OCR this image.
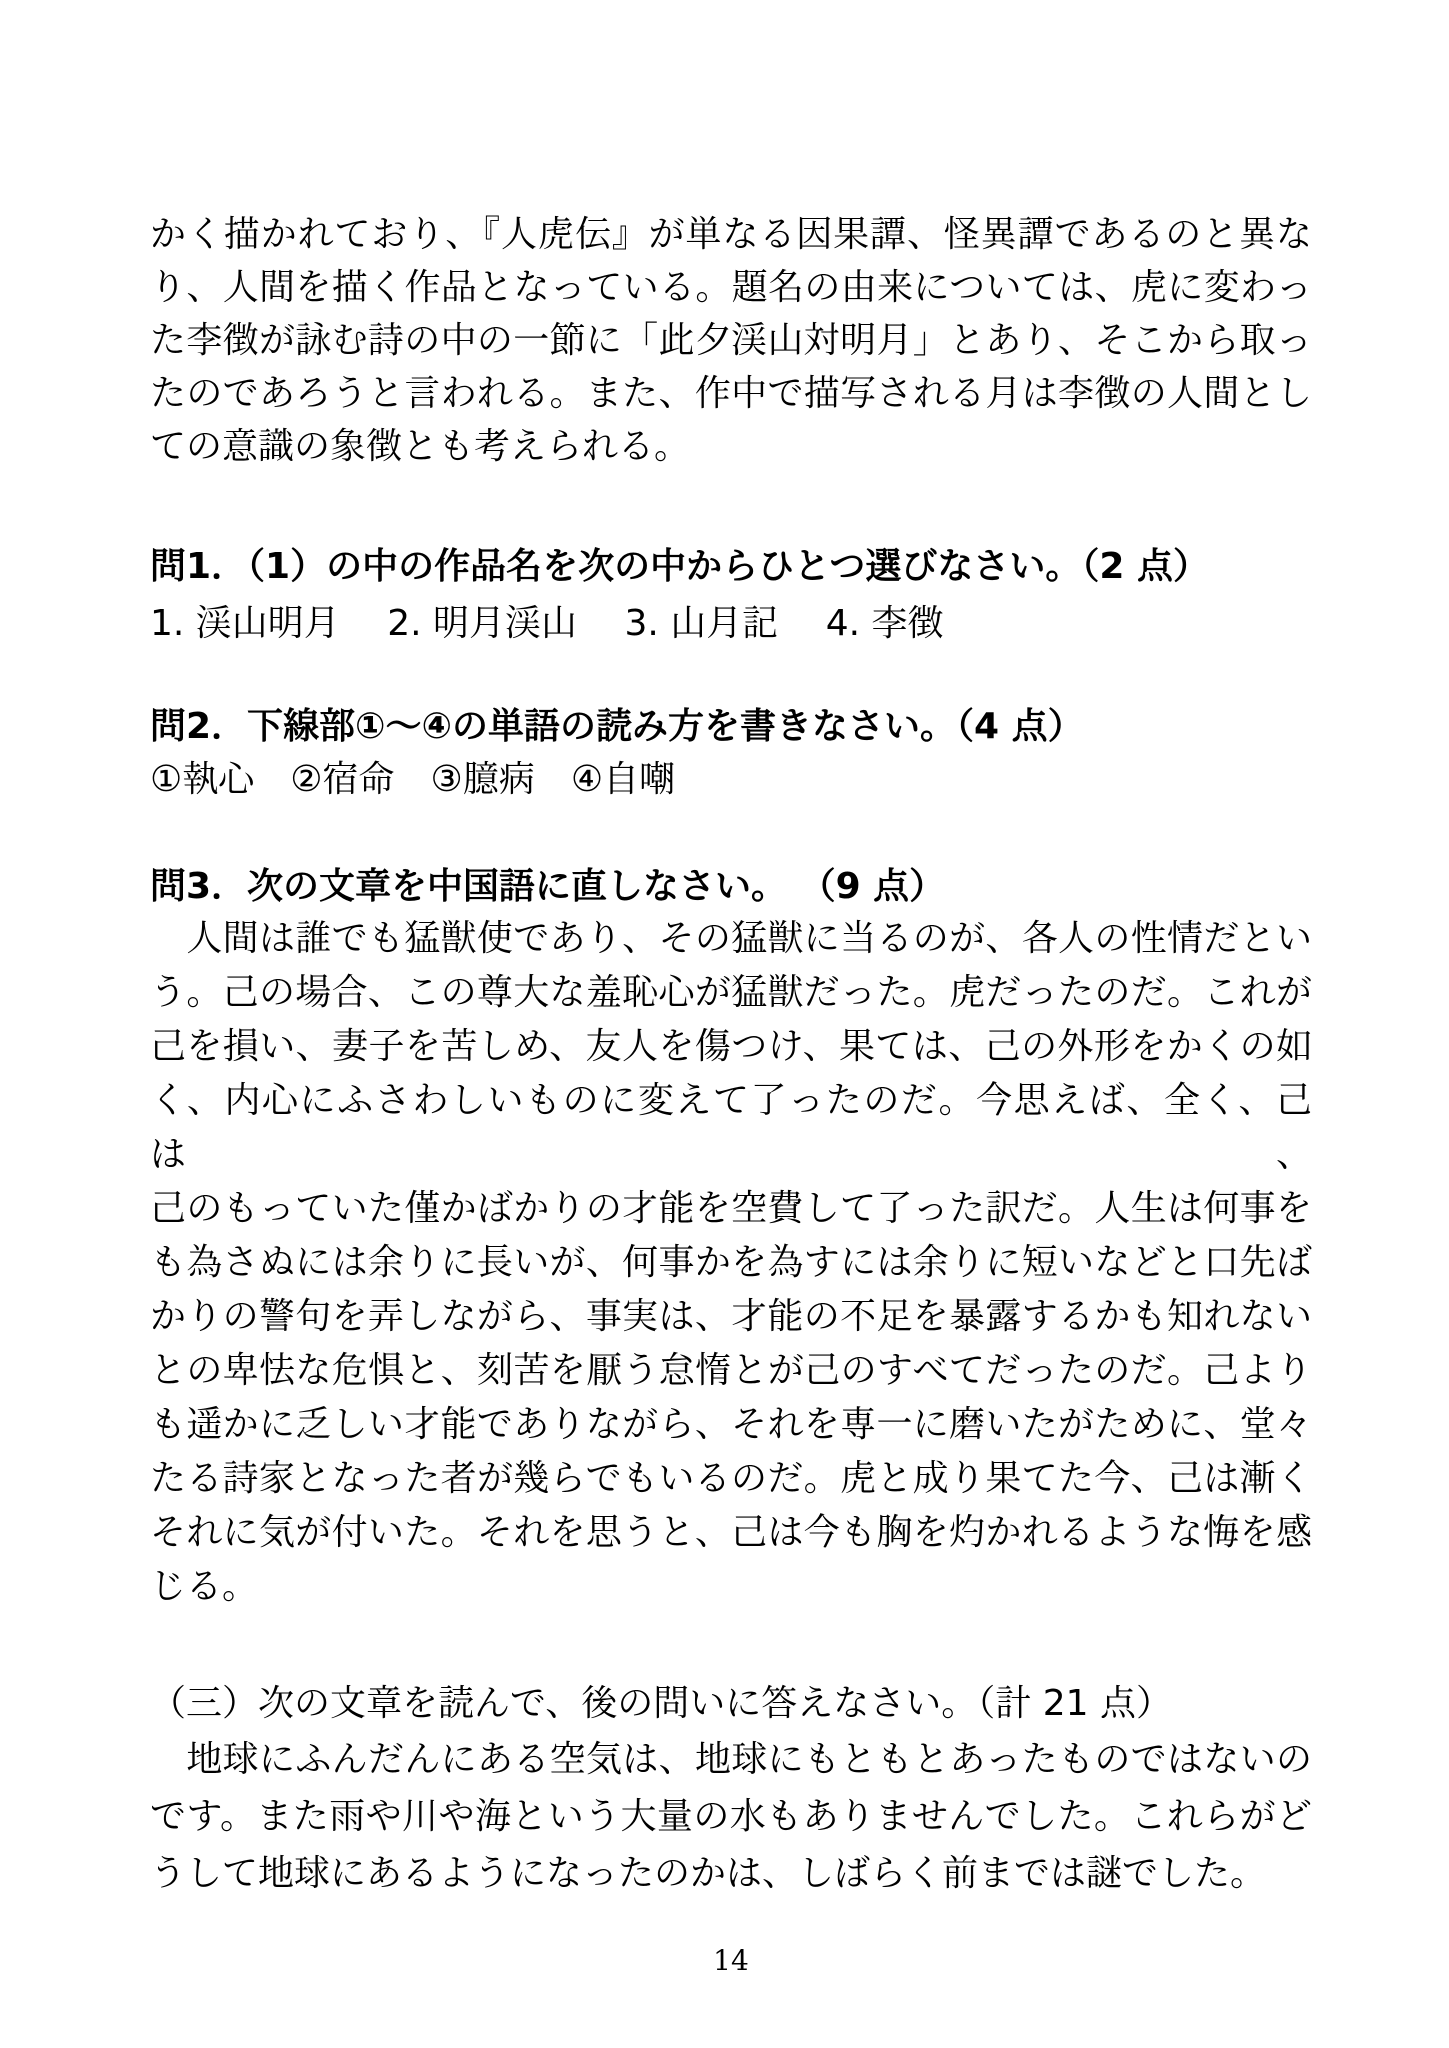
かく描かれており、『人虎伝』が単なる因果譚、怪異譚であるのと異な
り、人間を描く作品となっている。題名の由来については、虎に変わっ
た李徴が詠む詩の中の一節に「此夕渓山対明月」とあり、そこから取っ
たのであろうと言われる。また、作中で描写される月は李徴の人間とし
ての意識の象徴とも考えられる。
問1．（1）の中の作品名を次の中からひとつ選びなさい。（2 点）
1. 渓山明月　 2. 明月渓山　 3. 山月記　 4. 李徴
問2．下線部①～④の単語の読み方を書きなさい。（4 点）
①執心　②宿命　③臆病　④自嘲
問3．次の文章を中国語に直しなさい。 （9 点）
　人間は誰でも猛獣使であり、その猛獣に当るのが、各人の性情だとい
う。己の場合、この尊大な羞恥心が猛獣だった。虎だったのだ。これが
己を損い、妻子を苦しめ、友人を傷つけ、果ては、己の外形をかくの如
く、内心にふさわしいものに変えて了ったのだ。今思えば、全く、己は、
己のもっていた僅かばかりの才能を空費して了った訳だ。人生は何事を
も為さぬには余りに長いが、何事かを為すには余りに短いなどと口先ば
かりの警句を弄しながら、事実は、才能の不足を暴露するかも知れない
との卑怯な危惧と、刻苦を厭う怠惰とが己のすべてだったのだ。己より
も遥かに乏しい才能でありながら、それを専一に磨いたがために、堂々
たる詩家となった者が幾らでもいるのだ。虎と成り果てた今、己は漸く
それに気が付いた。それを思うと、己は今も胸を灼かれるような悔を感
じる。
（三）次の文章を読んで、後の問いに答えなさい。（計 21 点）
　地球にふんだんにある空気は、地球にもともとあったものではないの
です。また雨や川や海という大量の水もありませんでした。これらがど
うして地球にあるようになったのかは、しばらく前までは謎でした。
14
